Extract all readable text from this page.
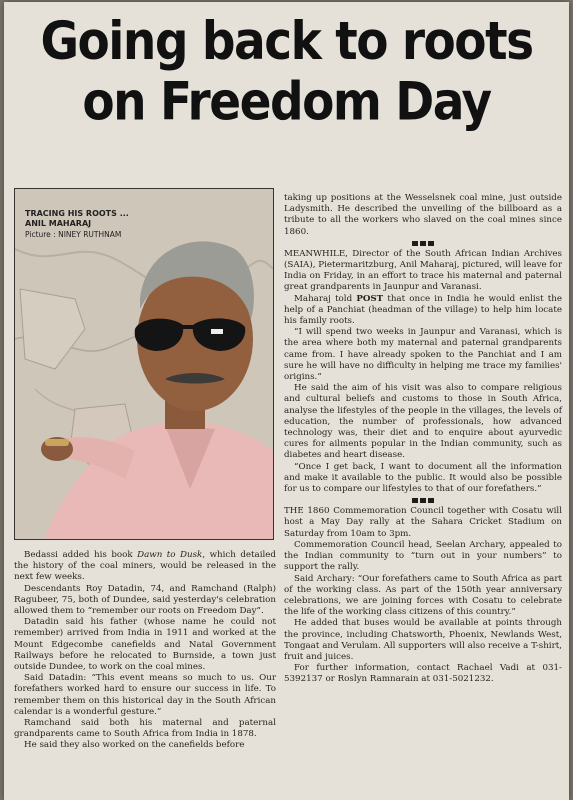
Going back to roots
on Freedom Day
TRACING HIS ROOTS ...
ANIL MAHARAJ
Picture : NINEY RUTHNAM

Bedassi added his book Dawn to Dusk, which detailed the history of the coal miners, would be released in the next few weeks.

Descendants Roy Datadin, 74, and Ramchand (Ralph) Ragubeer, 75, both of Dundee, said yesterday's celebration allowed them to “remember our roots on Freedom Day”.

Datadin said his father (whose name he could not remember) arrived from India in 1911 and worked at the Mount Edgecombe canefields and Natal Government Railways before he relocated to Burnside, a town just outside Dundee, to work on the coal mines.

Said Datadin: “This event means so much to us. Our forefathers worked hard to ensure our success in life. To remember them on this historical day in the South African calendar is a wonderful gesture.”

Ramchand said both his maternal and paternal grandparents came to South Africa from India in 1878.

He said they also worked on the canefields before

taking up positions at the Wesselsnek coal mine, just outside Ladysmith. He described the unveiling of the billboard as a tribute to all the workers who slaved on the coal mines since 1860.

MEANWHILE, Director of the South African Indian Archives (SAIA), Pietermaritzburg, Anil Maharaj, pictured, will leave for India on Friday, in an effort to trace his maternal and paternal great grandparents in Jaunpur and Varanasi.

Maharaj told POST that once in India he would enlist the help of a Panchiat (headman of the village) to help him locate his family roots.

“I will spend two weeks in Jaunpur and Varanasi, which is the area where both my maternal and paternal grandparents came from. I have already spoken to the Panchiat and I am sure he will have no difficulty in helping me trace my families' origins.”

He said the aim of his visit was also to compare religious and cultural beliefs and customs to those in South Africa, analyse the lifestyles of the people in the villages, the levels of education, the number of professionals, how advanced technology was, their diet and to enquire about ayurvedic cures for ailments popular in the Indian community, such as diabetes and heart disease.

“Once I get back, I want to document all the information and make it available to the public. It would also be possible for us to compare our lifestyles to that of our forefathers.”

THE 1860 Commemoration Council together with Cosatu will host a May Day rally at the Sahara Cricket Stadium on Saturday from 10am to 3pm.

Commemoration Council head, Seelan Archary, appealed to the Indian community to “turn out in your numbers” to support the rally.

Said Archary: “Our forefathers came to South Africa as part of the working class. As part of the 150th year anniversary celebrations, we are joining forces with Cosatu to celebrate the life of the working class citizens of this country.”

He added that buses would be available at points through the province, including Chatsworth, Phoenix, Newlands West, Tongaat and Verulam. All supporters will also receive a T-shirt, fruit and juices.

For further information, contact Rachael Vadi at 031-5392137 or Roslyn Ramnarain at 031-5021232.
